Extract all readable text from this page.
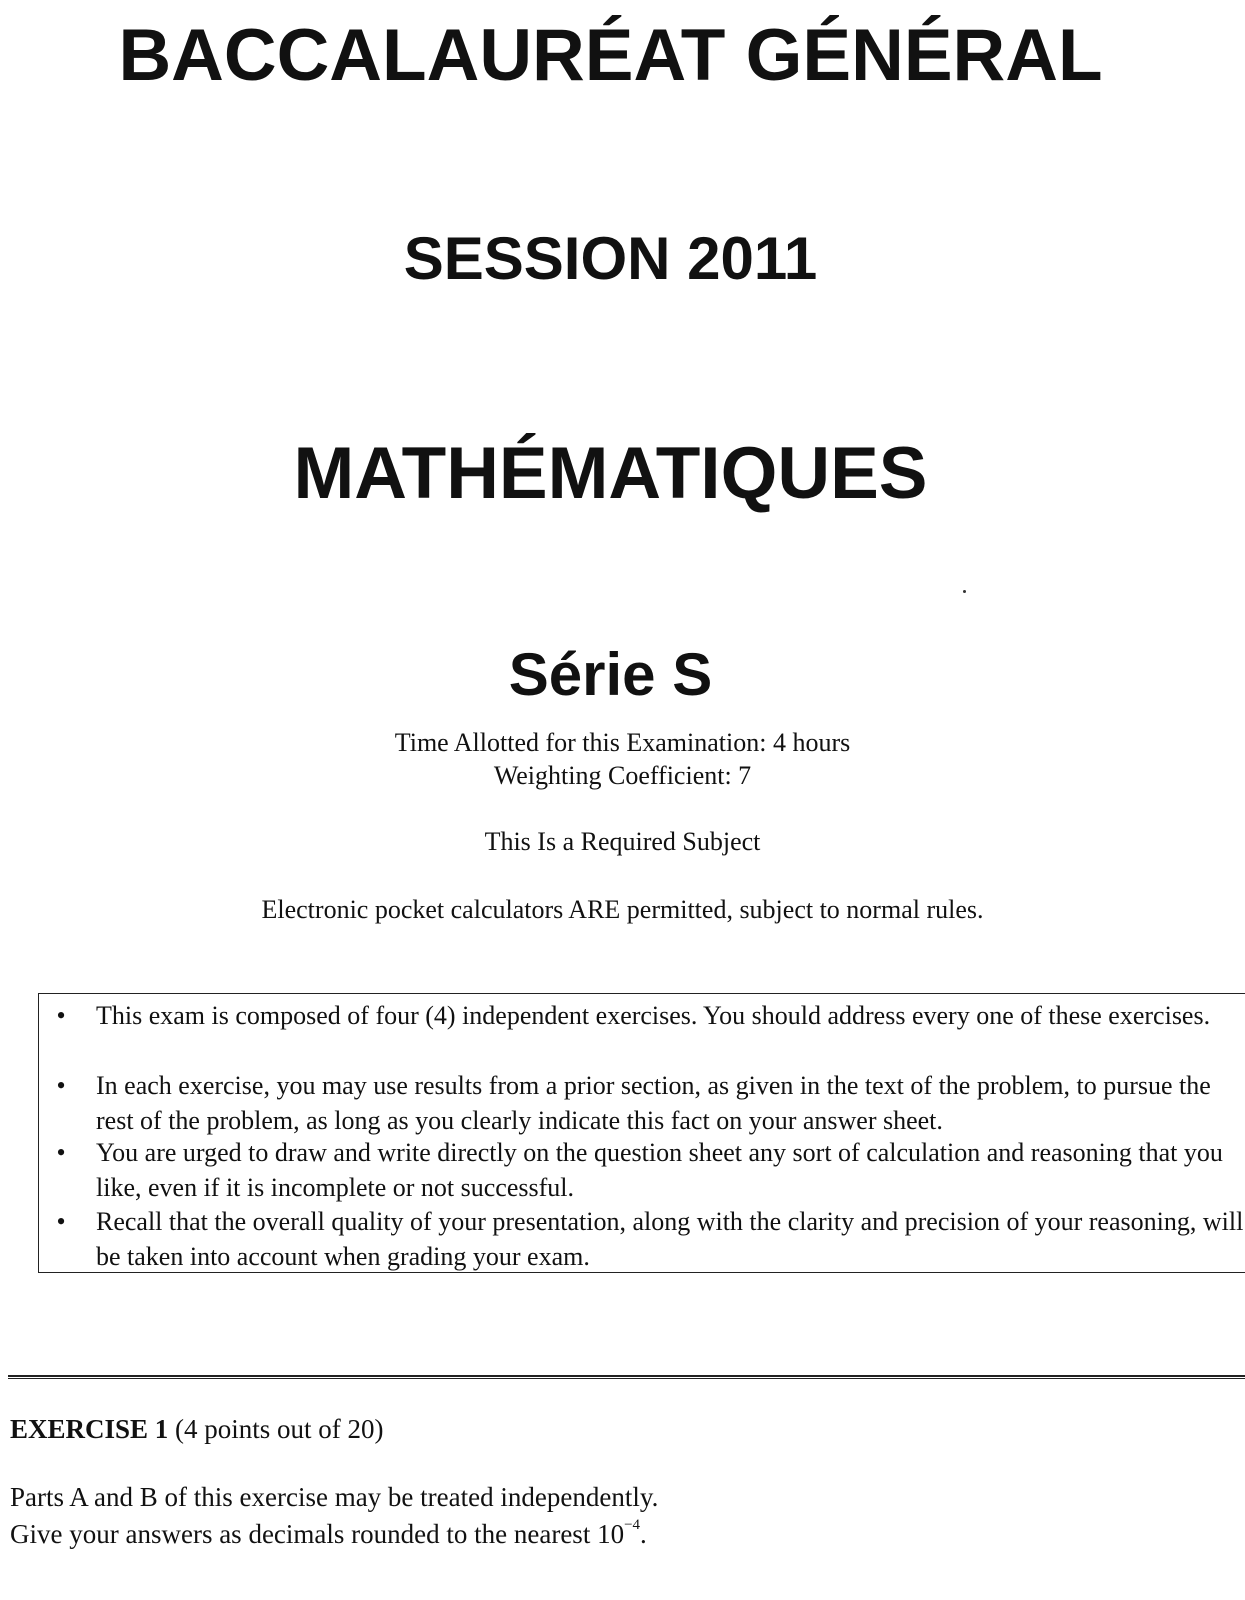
BACCALAURÉAT GÉNÉRAL
SESSION 2011
MATHÉMATIQUES
Série S
Time Allotted for this Examination: 4 hours
Weighting Coefficient: 7
This Is a Required Subject
Electronic pocket calculators ARE permitted, subject to normal rules.
• This exam is composed of four (4) independent exercises. You should address every one of these exercises.
• In each exercise, you may use results from a prior section, as given in the text of the problem, to pursue the rest of the problem, as long as you clearly indicate this fact on your answer sheet.
• You are urged to draw and write directly on the question sheet any sort of calculation and reasoning that you like, even if it is incomplete or not successful.
• Recall that the overall quality of your presentation, along with the clarity and precision of your reasoning, will be taken into account when grading your exam.
EXERCISE 1 (4 points out of 20)
Parts A and B of this exercise may be treated independently.
Give your answers as decimals rounded to the nearest $10^{-4}$.
